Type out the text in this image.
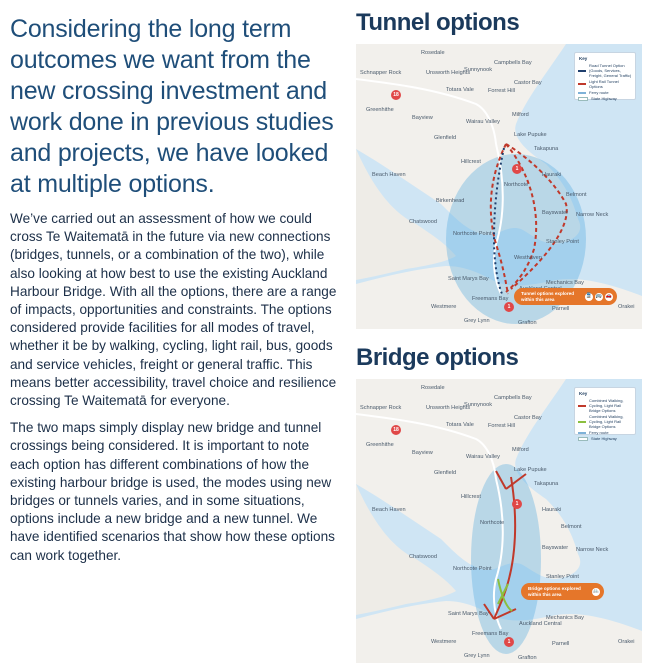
Considering the long term outcomes we want from the new crossing investment and work done in previous studies and projects, we have looked at multiple options.

We’ve carried out an assessment of how we could cross Te Waitematā in the future via new connections (bridges, tunnels, or a combination of the two), while also looking at how best to use the existing Auckland Harbour Bridge. With all the options, there are a range of impacts, opportunities and constraints. The options considered provide facilities for all modes of travel, whether it be by walking, cycling, light rail, bus, goods and service vehicles, freight or general traffic. This means better accessibility, travel choice and resilience crossing Te Waitematā for everyone.

The two maps simply display new bridge and tunnel crossings being considered. It is important to note each option has different combinations of how the existing harbour bridge is used, the modes using new bridges or tunnels varies, and in some situations, options include a new bridge and a new tunnel. We have identified scenarios that show how these options can work together.

Tunnel options
Rosedale
Campbells Bay
Schnapper Rock	Unsworth Heights
Sunnynook
Castor Bay
Totara Vale	Forrest Hill
Greenhithe
Bayview
Wairau Valley
Milford
Glenfield	Lake Pupuke
Takapuna
Hillcrest
Beach Haven
Northcote
Hauraki
Birkenhead
Belmont
Chatswood
Bayswater Narrow Neck
Northcote Point
Stanley Point
Westhaven
Saint Marys Bay
Mechanics Bay
Freemans Bay
Westmere	Parnell	Orakei
Grey Lynn	Grafton
18
1
1
Key
Road Tunnel Option (Goods, Services, Freight, General Traffic)
Light Rail Tunnel Options
Ferry route
State Highway
Tunnel options explored within this area
🚆 🚌 🚗
Bridge options
Rosedale
Campbells Bay
Schnapper Rock	Unsworth Heights
Sunnynook
Castor Bay
Totara Vale	Forrest Hill
Greenhithe
Bayview
Wairau Valley
Milford
Glenfield	Lake Pupuke
Takapuna
Hillcrest
Beach Haven
Northcote
Hauraki
Belmont
Chatswood
Bayswater Narrow Neck
Northcote Point
Stanley Point
Saint Marys Bay
Mechanics Bay
Freemans Bay
Auckland Central
Westmere	Parnell	Orakei
Grey Lynn	Grafton
18
1
1
Key
Combined Walking, Cycling, Light Rail Bridge Options
Combined Walking, Cycling, Light Rail Bridge Options
Ferry route
State Highway
Bridge options explored within this area
🚲
